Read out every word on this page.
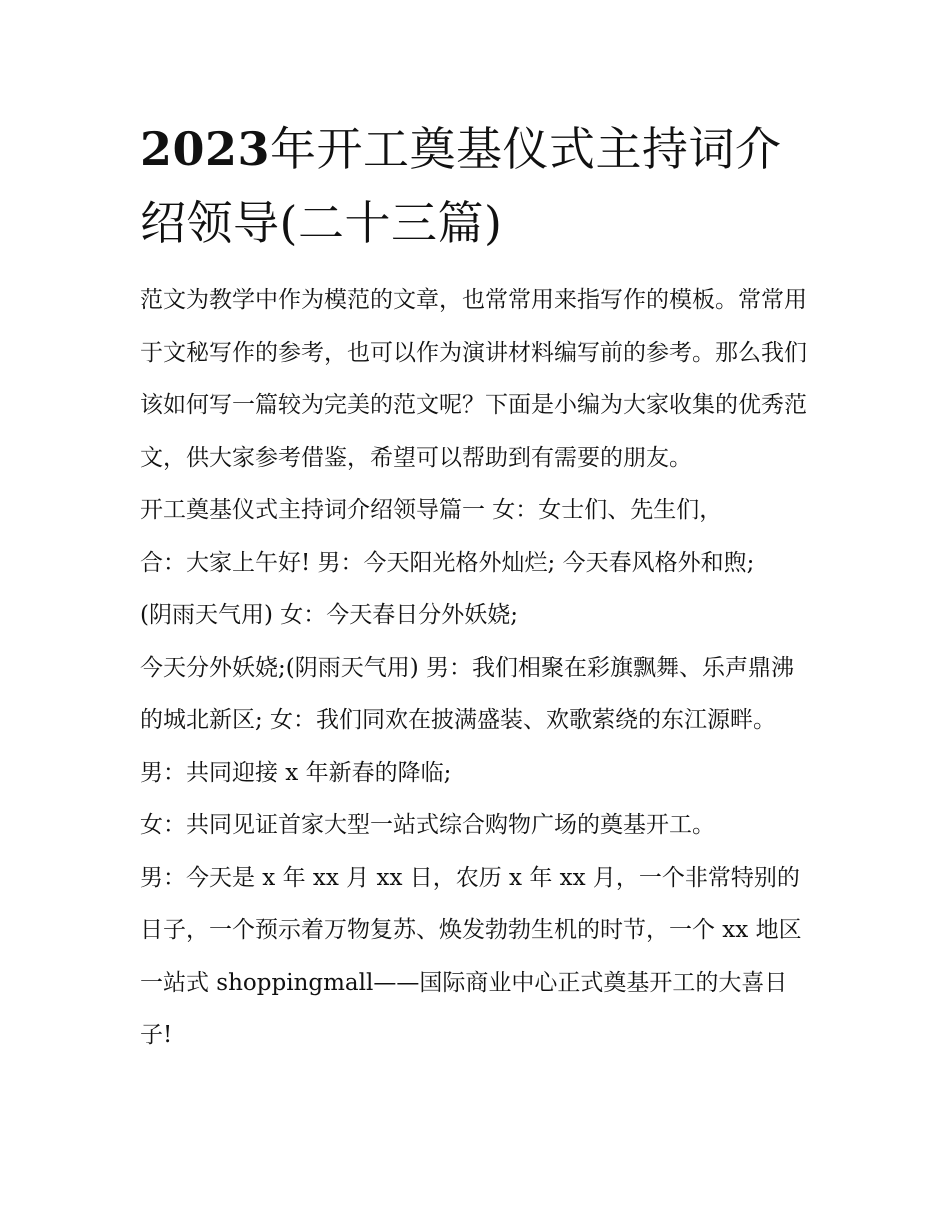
2023年开工奠基仪式主持词介绍领导(二十三篇)

范文为教学中作为模范的文章，也常常用来指写作的模板。常常用于文秘写作的参考，也可以作为演讲材料编写前的参考。那么我们该如何写一篇较为完美的范文呢？下面是小编为大家收集的优秀范文，供大家参考借鉴，希望可以帮助到有需要的朋友。

开工奠基仪式主持词介绍领导篇一 女：女士们、先生们，

合：大家上午好! 男：今天阳光格外灿烂; 今天春风格外和煦;

(阴雨天气用) 女：今天春日分外妖娆;

今天分外妖娆;(阴雨天气用) 男：我们相聚在彩旗飘舞、乐声鼎沸的城北新区; 女：我们同欢在披满盛装、欢歌萦绕的东江源畔。 男：共同迎接 x 年新春的降临;

女：共同见证首家大型一站式综合购物广场的奠基开工。

男：今天是 x 年 xx 月 xx 日，农历 x 年 xx 月，一个非常特别的日子，一个预示着万物复苏、焕发勃勃生机的时节，一个 xx 地区一站式 shoppingmall——国际商业中心正式奠基开工的大喜日子!
